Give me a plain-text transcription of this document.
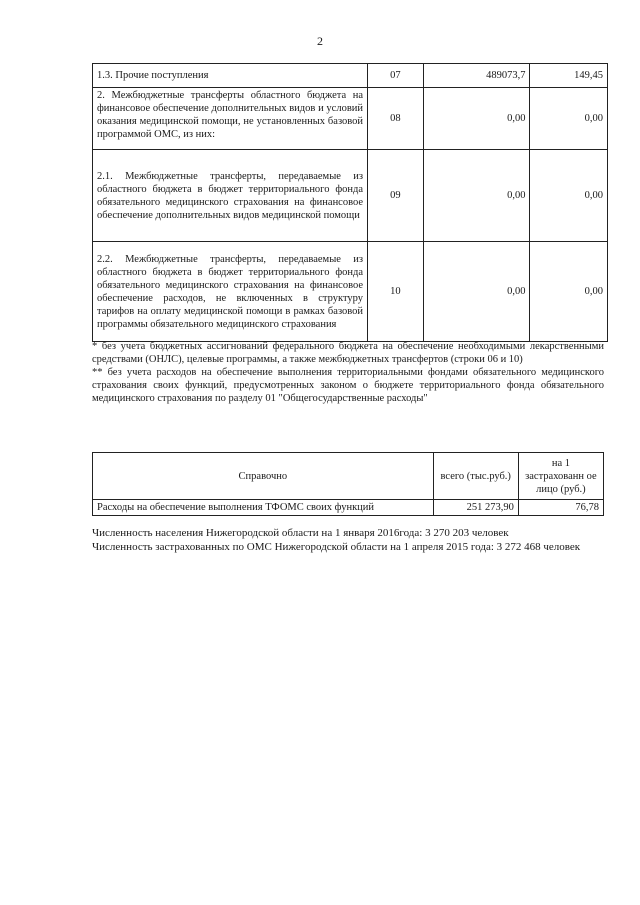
2
1.3. Прочие поступления	07	489073,7	149,45
2. Межбюджетные трансферты областного бюджета на финансовое обеспечение дополнительных видов и условий оказания медицинской помощи, не установленных базовой программой ОМС, из них:	08	0,00	0,00
2.1. Межбюджетные трансферты, передаваемые из областного бюджета в бюджет территориального фонда обязательного медицинского страхования на финансовое обеспечение дополнительных видов медицинской помощи	09	0,00	0,00
2.2. Межбюджетные трансферты, передаваемые из областного бюджета в бюджет территориального фонда обязательного медицинского страхования на финансовое обеспечение расходов, не включенных в структуру тарифов на оплату медицинской помощи в рамках базовой программы обязательного медицинского страхования	10	0,00	0,00

* без учета бюджетных ассигнований федерального бюджета на обеспечение необходимыми лекарственными средствами (ОНЛС), целевые программы, а также межбюджетных трансфертов (строки 06 и 10)

** без учета расходов на обеспечение выполнения территориальными фондами обязательного медицинского страхования своих функций, предусмотренных законом о бюджете территориального фонда обязательного медицинского страхования по разделу 01 "Общегосударственные расходы"

Справочно	всего (тыс.руб.)	на 1 застрахованн ое лицо (руб.)
Расходы на обеспечение выполнения ТФОМС своих функций	251 273,90	76,78

Численность населения Нижегородской области на 1 января 2016года: 3 270 203 человек

Численность застрахованных по ОМС Нижегородской области на 1 апреля 2015 года: 3 272 468 человек
